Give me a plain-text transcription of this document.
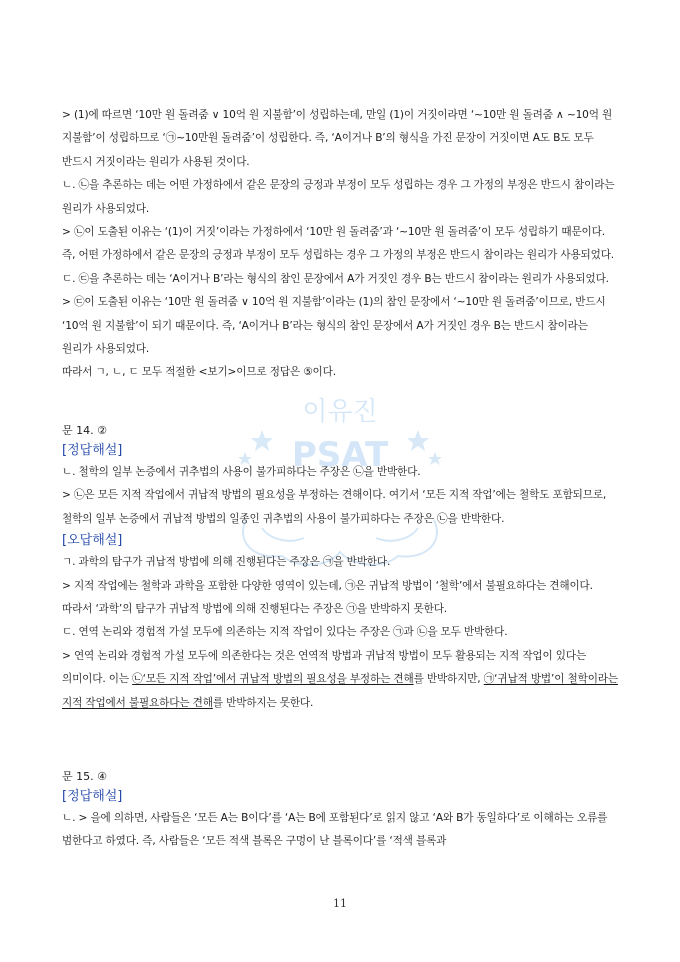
이유진
PSAT

> (1)에 따르면 ‘10만 원 돌려줌 ∨ 10억 원 지불함’이 성립하는데, 만일 (1)이 거짓이라면 ‘∼10만 원 돌려줌 ∧ ∼10억 원 지불함’이 성립하므로 ‘㉠∼10만원 돌려줌’이 성립한다. 즉, ‘A이거나 B’의 형식을 가진 문장이 거짓이면 A도 B도 모두 반드시 거짓이라는 원리가 사용된 것이다.

ㄴ. ㉡을 추론하는 데는 어떤 가정하에서 같은 문장의 긍정과 부정이 모두 성립하는 경우 그 가정의 부정은 반드시 참이라는 원리가 사용되었다.

> ㉡이 도출된 이유는 ‘(1)이 거짓’이라는 가정하에서 ‘10만 원 돌려줌’과 ‘∼10만 원 돌려줌’이 모두 성립하기 때문이다. 즉, 어떤 가정하에서 같은 문장의 긍정과 부정이 모두 성립하는 경우 그 가정의 부정은 반드시 참이라는 원리가 사용되었다.

ㄷ. ㉢을 추론하는 데는 ‘A이거나 B’라는 형식의 참인 문장에서 A가 거짓인 경우 B는 반드시 참이라는 원리가 사용되었다.

> ㉢이 도출된 이유는 ‘10만 원 돌려줌 ∨ 10억 원 지불함’이라는 (1)의 참인 문장에서 ‘∼10만 원 돌려줌’이므로, 반드시 ‘10억 원 지불함’이 되기 때문이다. 즉, ‘A이거나 B’라는 형식의 참인 문장에서 A가 거짓인 경우 B는 반드시 참이라는 원리가 사용되었다.

따라서 ㄱ, ㄴ, ㄷ 모두 적절한 <보기>이므로 정답은 ⑤이다.

문 14. ②

[정답해설]

ㄴ. 철학의 일부 논증에서 귀추법의 사용이 불가피하다는 주장은 ㉡을 반박한다.

> ㉡은 모든 지적 작업에서 귀납적 방법의 필요성을 부정하는 견해이다. 여기서 ‘모든 지적 작업’에는 철학도 포함되므로, 철학의 일부 논증에서 귀납적 방법의 일종인 귀추법의 사용이 불가피하다는 주장은 ㉡을 반박한다.

[오답해설]

ㄱ. 과학의 탐구가 귀납적 방법에 의해 진행된다는 주장은 ㉠을 반박한다.

> 지적 작업에는 철학과 과학을 포함한 다양한 영역이 있는데, ㉠은 귀납적 방법이 ‘철학’에서 불필요하다는 견해이다. 따라서 ‘과학’의 탐구가 귀납적 방법에 의해 진행된다는 주장은 ㉠을 반박하지 못한다.

ㄷ. 연역 논리와 경험적 가설 모두에 의존하는 지적 작업이 있다는 주장은 ㉠과 ㉡을 모두 반박한다.

> 연역 논리와 경험적 가설 모두에 의존한다는 것은 연역적 방법과 귀납적 방법이 모두 활용되는 지적 작업이 있다는 의미이다. 이는 ㉡‘모든 지적 작업’에서 귀납적 방법의 필요성을 부정하는 견해를 반박하지만, ㉠‘귀납적 방법’이 철학이라는 지적 작업에서 불필요하다는 견해를 반박하지는 못한다.

문 15. ④

[정답해설]

ㄴ. > 을에 의하면, 사람들은 ‘모든 A는 B이다’를 ‘A는 B에 포함된다’로 읽지 않고 ‘A와 B가 동일하다’로 이해하는 오류를 범한다고 하였다. 즉, 사람들은 ‘모든 적색 블록은 구멍이 난 블록이다’를 ‘적색 블록과

11
